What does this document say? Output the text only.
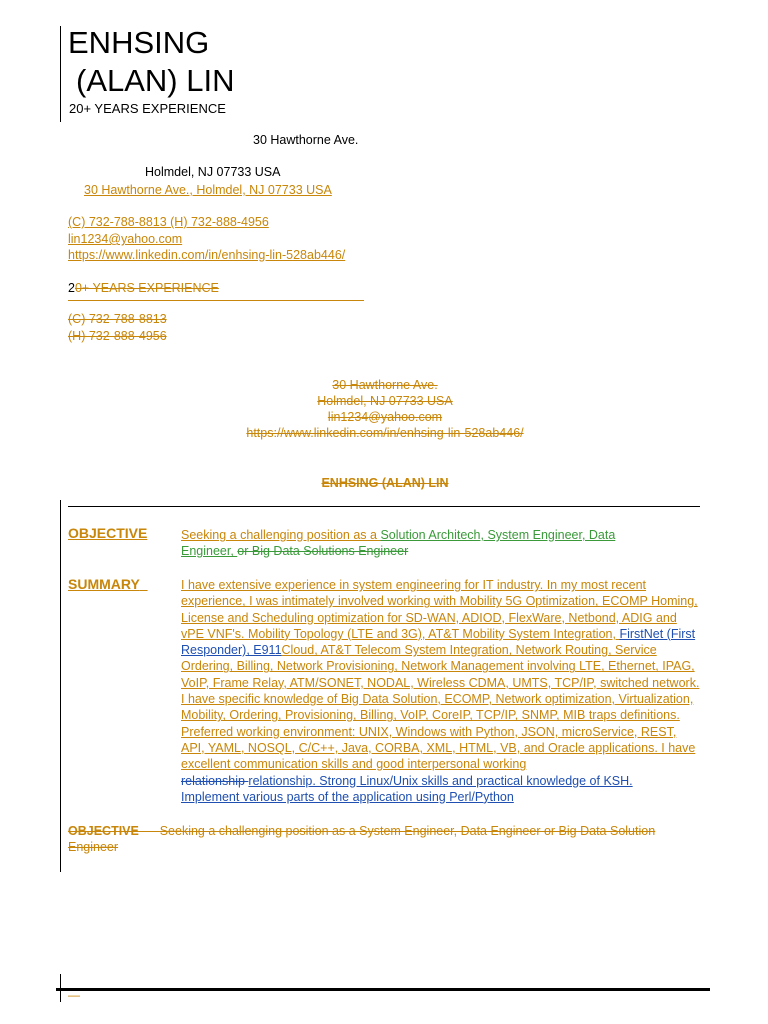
ENHSING
(ALAN) LIN
20+ YEARS EXPERIENCE
30 Hawthorne Ave.
Holmdel, NJ 07733 USA
30 Hawthorne Ave., Holmdel, NJ 07733 USA
(C) 732-788-8813 (H) 732-888-4956
lin1234@yahoo.com
https://www.linkedin.com/in/enhsing-lin-528ab446/
20+ YEARS EXPERIENCE
(C) 732-788-8813
(H) 732-888-4956
30 Hawthorne Ave.
Holmdel, NJ 07733 USA
lin1234@yahoo.com
https://www.linkedin.com/in/enhsing-lin-528ab446/
ENHSING (ALAN) LIN
OBJECTIVE	Seeking a challenging position as a Solution Architech, System Engineer, Data
Engineer, or Big Data Solutions Engineer
SUMMARY	I have extensive experience in system engineering for IT industry. In my most recent experience, I was intimately involved working with Mobility 5G Optimization, ECOMP Homing, License and Scheduling optimization for SD-WAN, ADIOD, FlexWare, Netbond, ADIG and vPE VNF's. Mobility Topology (LTE and 3G), AT&T Mobility System Integration, FirstNet (First Responder), E911Cloud, AT&T Telecom System Integration, Network Routing, Service Ordering, Billing, Network Provisioning, Network Management involving LTE, Ethernet, IPAG, VoIP, Frame Relay, ATM/SONET, NODAL, Wireless CDMA, UMTS, TCP/IP, switched network. I have specific knowledge of Big Data Solution, ECOMP, Network optimization, Virtualization, Mobility, Ordering, Provisioning, Billing, VoIP, CoreIP, TCP/IP, SNMP, MIB traps definitions. Preferred working environment: UNIX, Windows with Python, JSON, microService, REST, API, YAML, NOSQL, C/C++, Java, CORBA, XML, HTML, VB, and Oracle applications. I have excellent communication skills and good interpersonal working
relationship relationship. Strong Linux/Unix skills and practical knowledge of KSH.
Implement various parts of the application using Perl/Python
OBJECTIVE Seeking a challenging position as a System Engineer, Data Engineer or Big Data Solution Engineer
—
